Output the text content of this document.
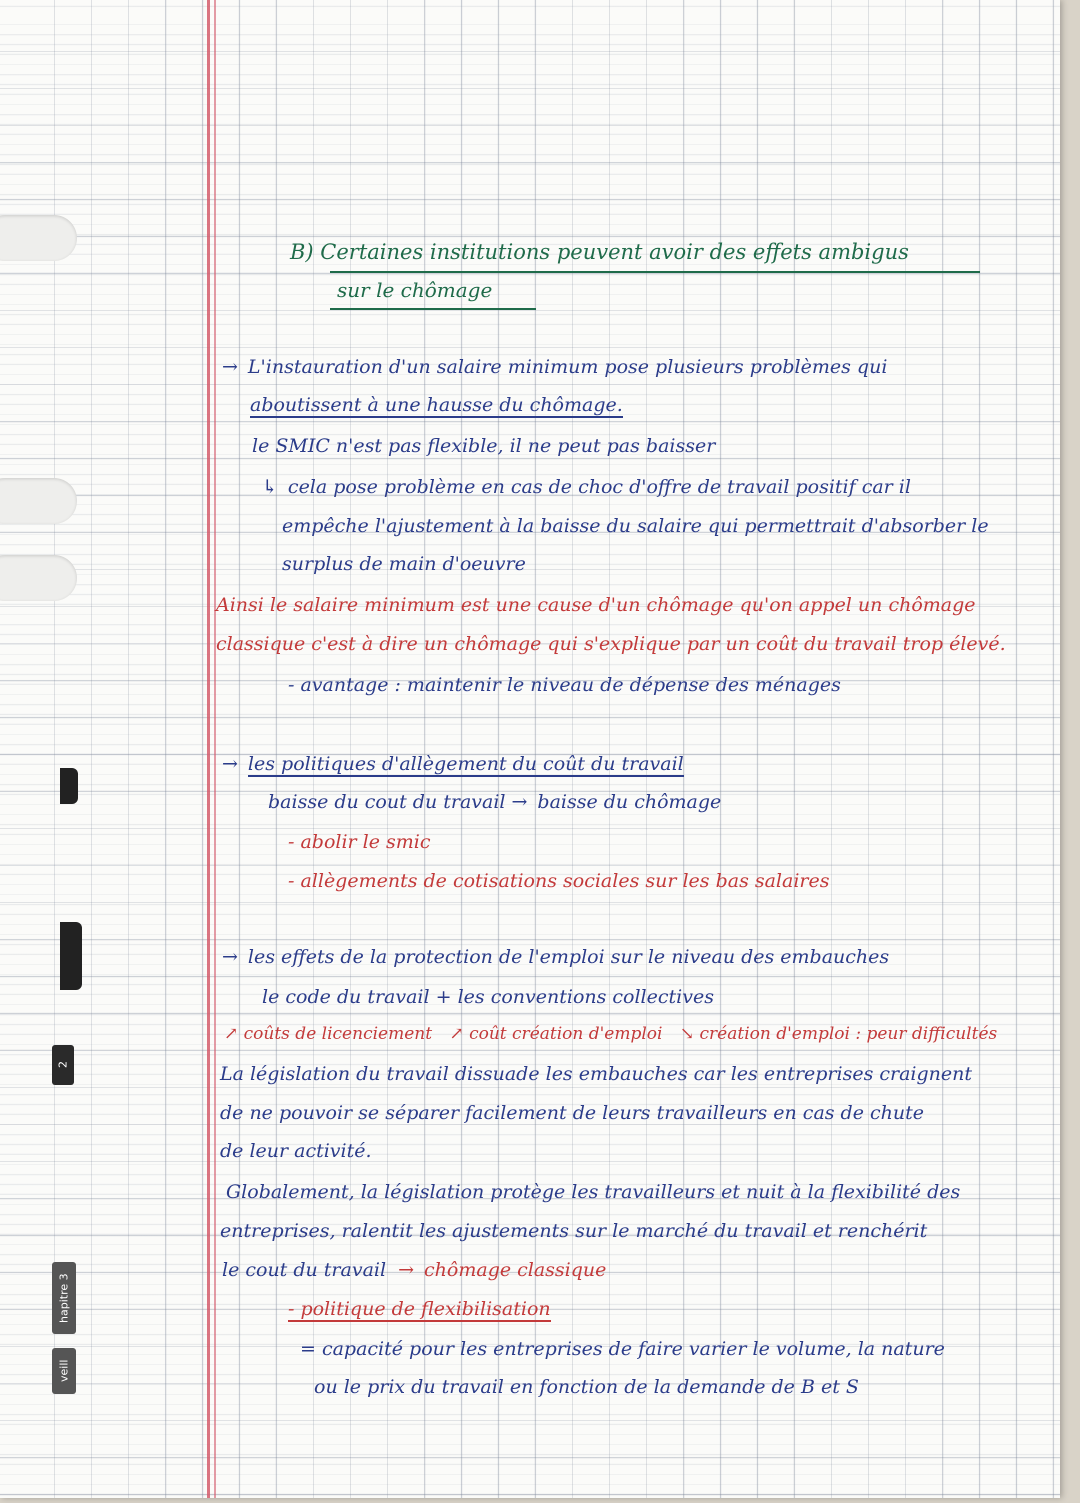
2
hapitre 3
veill
B) Certaines institutions peuvent avoir des effets ambigus
sur le chômage
→ L'instauration d'un salaire minimum pose plusieurs problèmes qui
aboutissent à une hausse du chômage.
le SMIC n'est pas flexible, il ne peut pas baisser
↳ cela pose problème en cas de choc d'offre de travail positif car il
empêche l'ajustement à la baisse du salaire qui permettrait d'absorber le
surplus de main d'oeuvre
Ainsi le salaire minimum est une cause d'un chômage qu'on appel un chômage
classique c'est à dire un chômage qui s'explique par un coût du travail trop élevé.
- avantage : maintenir le niveau de dépense des ménages
→ les politiques d'allègement du coût du travail
baisse du cout du travail → baisse du chômage
- abolir le smic
- allègements de cotisations sociales sur les bas salaires
→ les effets de la protection de l'emploi sur le niveau des embauches
le code du travail + les conventions collectives
↗ coûts de licenciement ↗ coût création d'emploi ↘ création d'emploi : peur difficultés
La législation du travail dissuade les embauches car les entreprises craignent
de ne pouvoir se séparer facilement de leurs travailleurs en cas de chute
de leur activité.
Globalement, la législation protège les travailleurs et nuit à la flexibilité des
entreprises, ralentit les ajustements sur le marché du travail et renchérit
le cout du travail → chômage classique
- politique de flexibilisation
= capacité pour les entreprises de faire varier le volume, la nature
ou le prix du travail en fonction de la demande de B et S
